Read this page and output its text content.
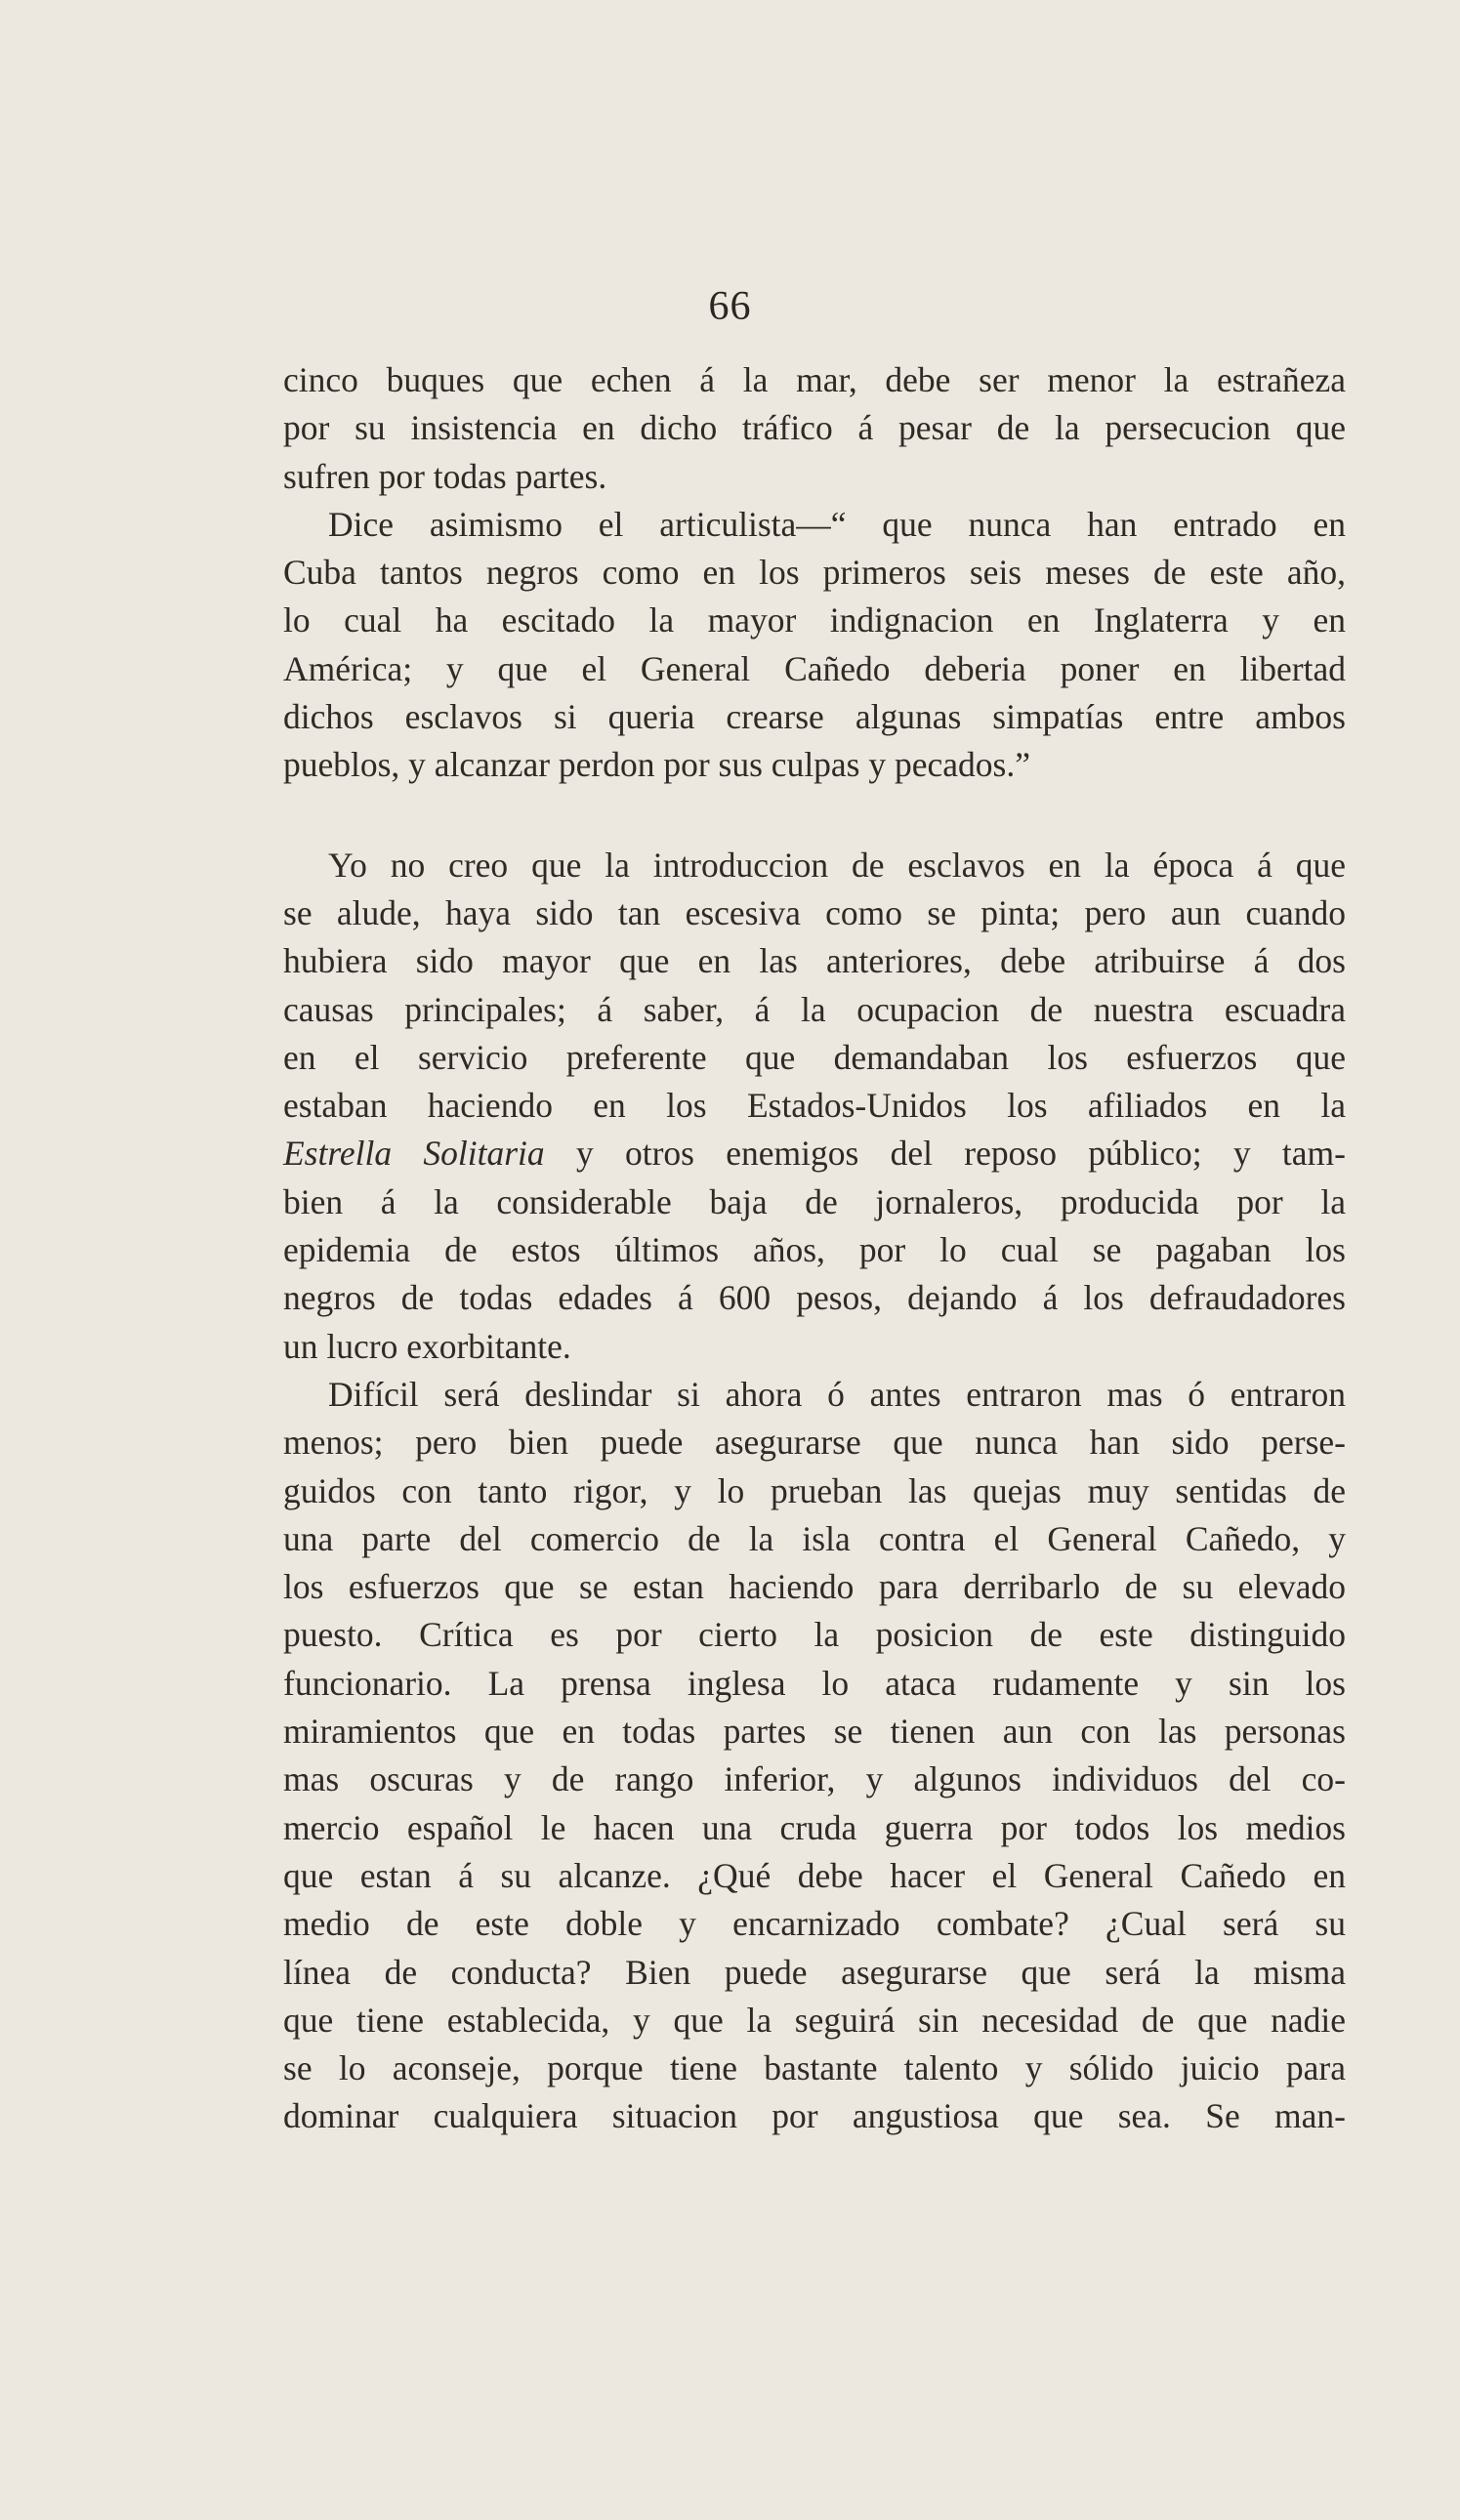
66
cinco buques que echen á la mar, debe ser menor la estrañeza
por su insistencia en dicho tráfico á pesar de la persecucion que
sufren por todas partes.
Dice asimismo el articulista—“ que nunca han entrado en
Cuba tantos negros como en los primeros seis meses de este año,
lo cual ha escitado la mayor indignacion en Inglaterra y en
América; y que el General Cañedo deberia poner en libertad
dichos esclavos si queria crearse algunas simpatías entre ambos
pueblos, y alcanzar perdon por sus culpas y pecados.”
Yo no creo que la introduccion de esclavos en la época á que
se alude, haya sido tan escesiva como se pinta; pero aun cuando
hubiera sido mayor que en las anteriores, debe atribuirse á dos
causas principales; á saber, á la ocupacion de nuestra escuadra
en el servicio preferente que demandaban los esfuerzos que
estaban haciendo en los Estados-Unidos los afiliados en la
Estrella Solitaria y otros enemigos del reposo público; y tam-
bien á la considerable baja de jornaleros, producida por la
epidemia de estos últimos años, por lo cual se pagaban los
negros de todas edades á 600 pesos, dejando á los defraudadores
un lucro exorbitante.
Difícil será deslindar si ahora ó antes entraron mas ó entraron
menos; pero bien puede asegurarse que nunca han sido perse-
guidos con tanto rigor, y lo prueban las quejas muy sentidas de
una parte del comercio de la isla contra el General Cañedo, y
los esfuerzos que se estan haciendo para derribarlo de su elevado
puesto. Crítica es por cierto la posicion de este distinguido
funcionario. La prensa inglesa lo ataca rudamente y sin los
miramientos que en todas partes se tienen aun con las personas
mas oscuras y de rango inferior, y algunos individuos del co-
mercio español le hacen una cruda guerra por todos los medios
que estan á su alcanze. ¿Qué debe hacer el General Cañedo en
medio de este doble y encarnizado combate? ¿Cual será su
línea de conducta? Bien puede asegurarse que será la misma
que tiene establecida, y que la seguirá sin necesidad de que nadie
se lo aconseje, porque tiene bastante talento y sólido juicio para
dominar cualquiera situacion por angustiosa que sea. Se man-
